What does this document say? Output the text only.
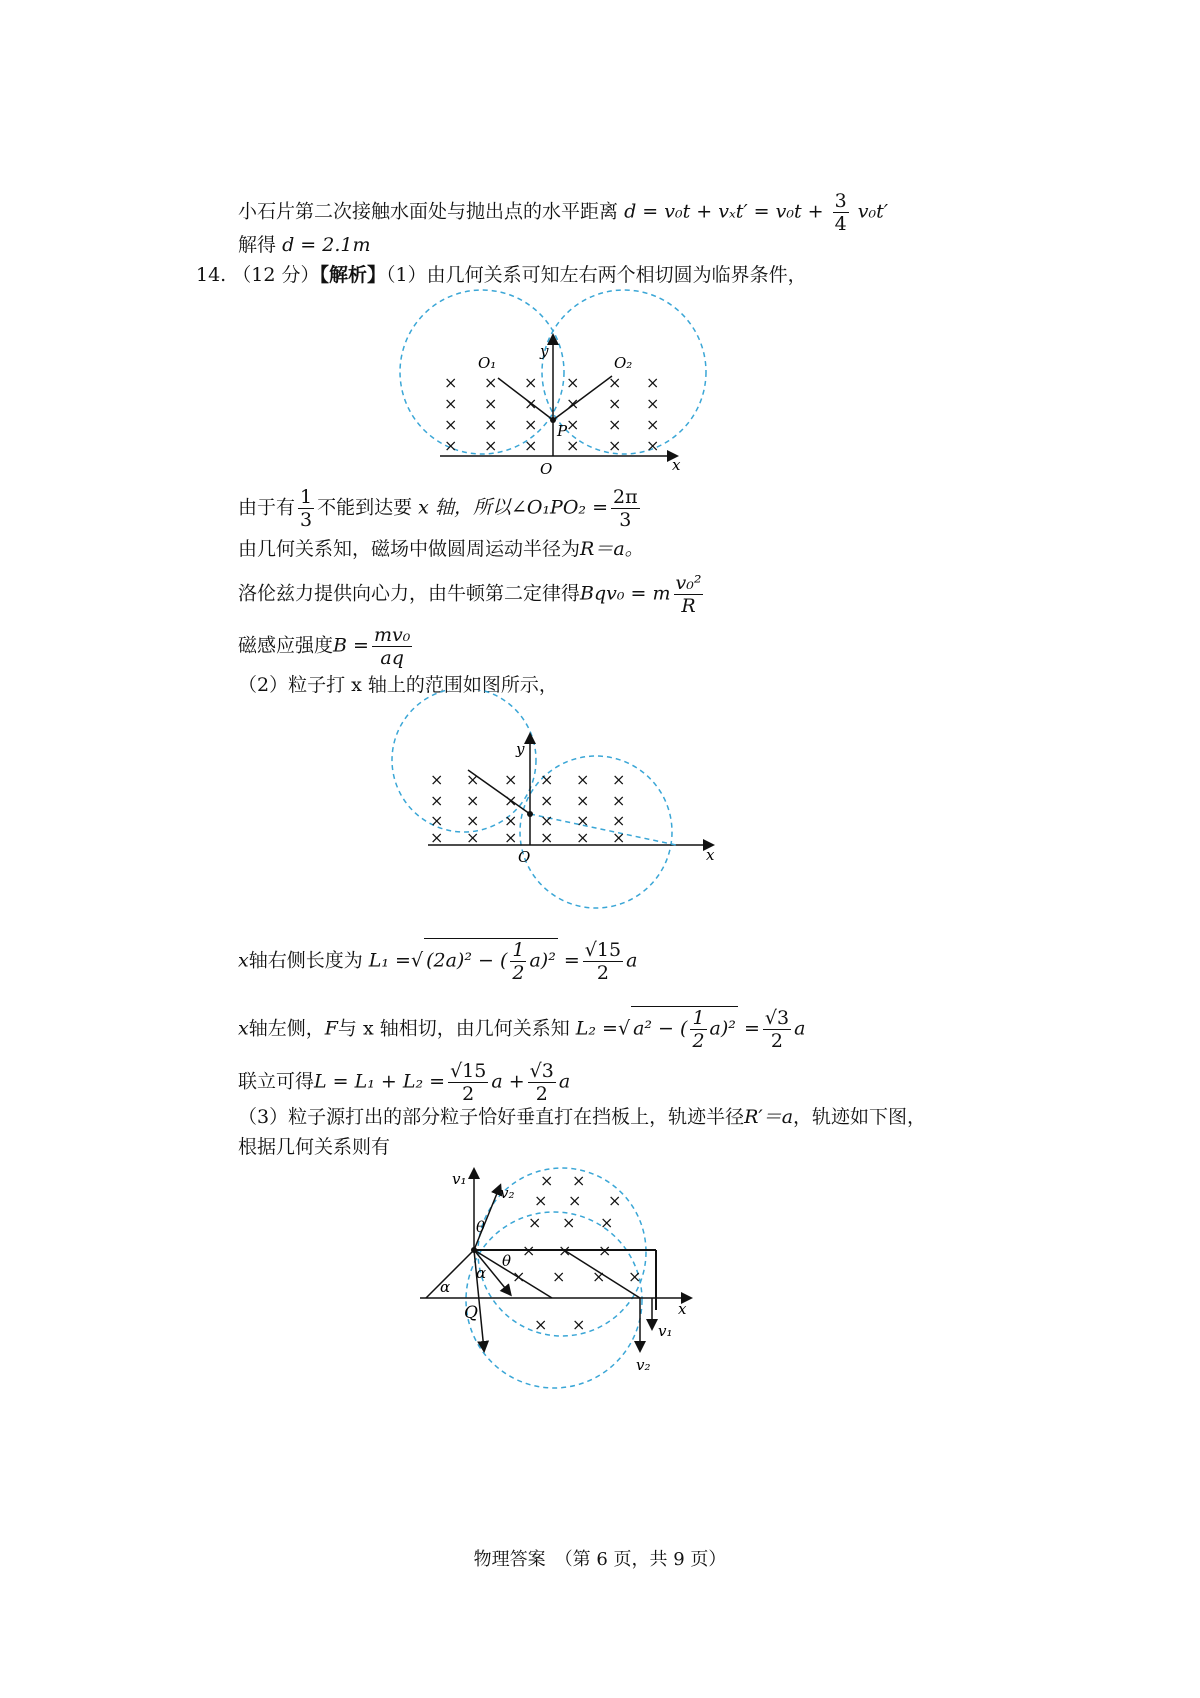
小石片第二次接触水面处与抛出点的水平距离 $d = v_0t + v_xt' = v_0t + \frac{3}{4} v_0t'$
解得 d = 2.1m
14. （12 分）【解析】（1）由几何关系可知左右两个相切圆为临界条件，
× × × × × ×
× × × × × ×
× × × × × ×
× × × × × ×
O₁	O₂
P
O	x
y
由于有 $\frac{1}{3}$ 不能到达要 x 轴，所以∠O₁PO₂ = $\frac{2\pi}{3}$
由几何关系知，磁场中做圆周运动半径为R＝a。
洛伦兹力提供向心力，由牛顿第二定律得Bqv₀ = m $\frac{\text{v₀²}}{R}$
磁感应强度$B = \frac{\text{mv₀}}{aq}$
（2）粒子打 x 轴上的范围如图所示，
× × × × × ×
× × × × × ×
× × × × × ×
× × × × × ×
O	x
y
x轴右侧长度为 L₁ =√ (2a)² − ( $\frac{1}{2} a)^2 = \frac{√15}{2}$ a
x轴左侧，F与 x 轴相切，由几何关系知 L₂ =√ a² − ( $\frac{1}{2} a)^2 = \frac{√3}{2}$ a
联立可得$L = L_1 + L_2 = \frac{√15}{2}$ $a + \frac{√3}{2}$ a
（3）粒子源打出的部分粒子恰好垂直打在挡板上，轨迹半径R′＝a，轨迹如下图，
根据几何关系则有
× ×
× × ×
× × ×
× × ×
× × × ×
× ×
v₁
v₂
θ
θ
α
α
Q	x
v₁
v₂
物理答案　（第 6 页，共 9 页）
